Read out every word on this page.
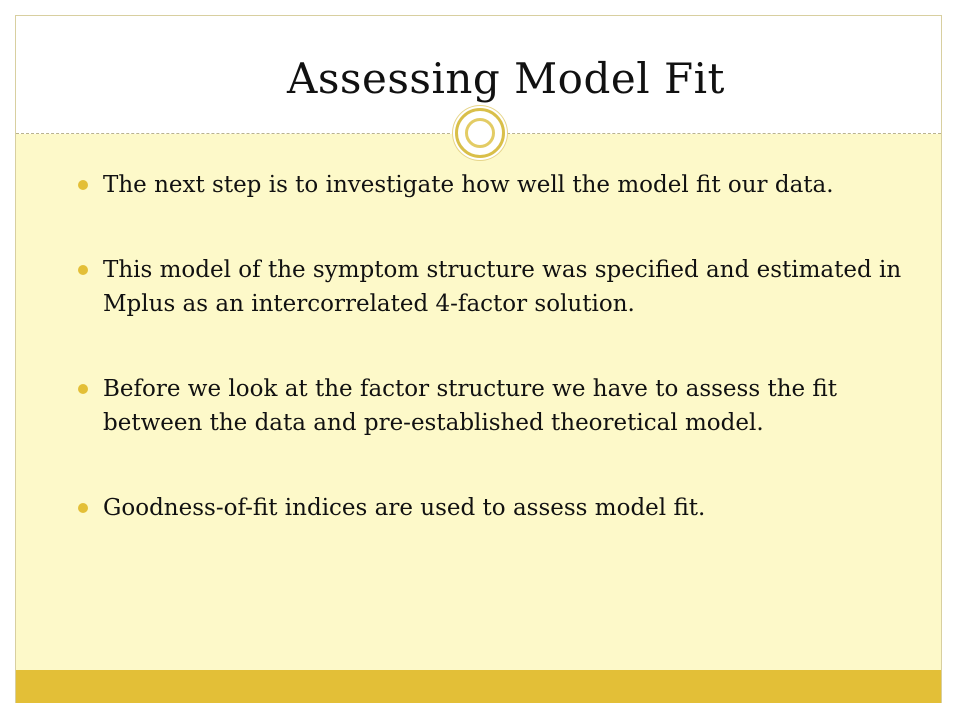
Assessing Model Fit
The next step is to investigate how well the model fit our data.
This model of the symptom structure was specified and estimated in Mplus as an intercorrelated 4-factor solution.
Before we look at the factor structure we have to assess the fit between the data and pre-established theoretical model.
Goodness-of-fit indices are used to assess model fit.
